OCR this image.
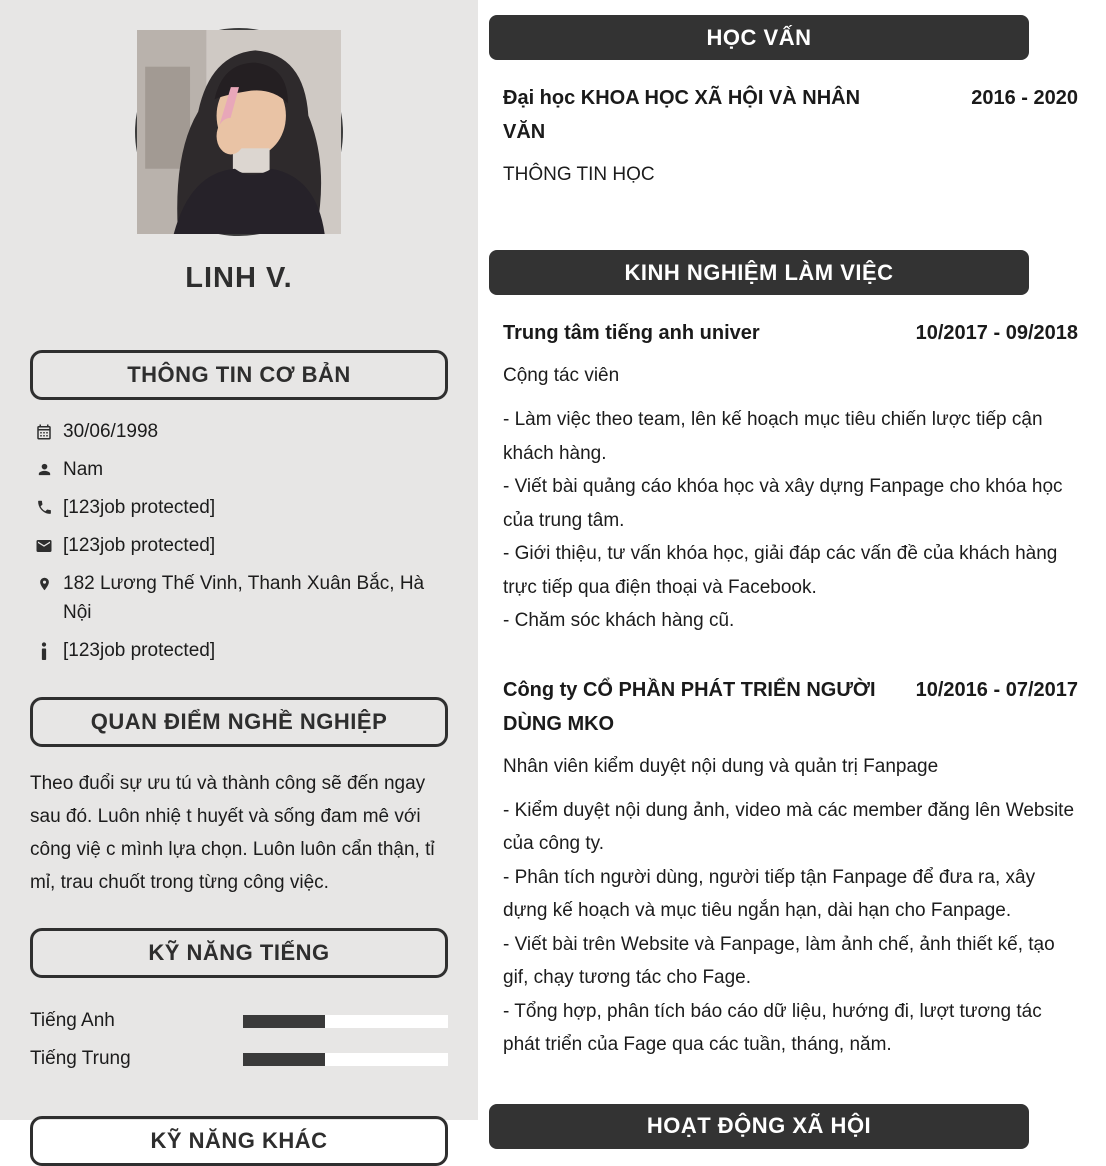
LINH V.
THÔNG TIN CƠ BẢN
30/06/1998
Nam
[123job protected]
[123job protected]
182 Lương Thế Vinh, Thanh Xuân Bắc, Hà Nội
[123job protected]
QUAN ĐIỂM NGHỀ NGHIỆP

Theo đuổi sự ưu tú và thành công sẽ đến ngay sau đó. Luôn nhiệ t huyết và sống đam mê với công việ c mình lựa chọn. Luôn luôn cẩn thận, tỉ mỉ, trau chuốt trong từng công việc.

KỸ NĂNG TIẾNG
Tiếng Anh
Tiếng Trung
KỸ NĂNG KHÁC
HỌC VẤN
Đại học KHOA HỌC XÃ HỘI VÀ NHÂN VĂN
2016 - 2020
THÔNG TIN HỌC
KINH NGHIỆM LÀM VIỆC
Trung tâm tiếng anh univer	10/2017 - 09/2018
Cộng tác viên
- Làm việc theo team, lên kế hoạch mục tiêu chiến lược tiếp cận khách hàng.
- Viết bài quảng cáo khóa học và xây dựng Fanpage cho khóa học của trung tâm.
- Giới thiệu, tư vấn khóa học, giải đáp các vấn đề của khách hàng trực tiếp qua điện thoại và Facebook.
- Chăm sóc khách hàng cũ.
Công ty CỔ PHẦN PHÁT TRIỂN NGƯỜI DÙNG MKO
10/2016 - 07/2017
Nhân viên kiểm duyệt nội dung và quản trị Fanpage
- Kiểm duyệt nội dung ảnh, video mà các member đăng lên Website của công ty.
- Phân tích người dùng, người tiếp tận Fanpage để đưa ra, xây dựng kế hoạch và mục tiêu ngắn hạn, dài hạn cho Fanpage.
- Viết bài trên Website và Fanpage, làm ảnh chế, ảnh thiết kế, tạo gif, chạy tương tác cho Fage.
- Tổng hợp, phân tích báo cáo dữ liệu, hướng đi, lượt tương tác phát triển của Fage qua các tuần, tháng, năm.
HOẠT ĐỘNG XÃ HỘI
